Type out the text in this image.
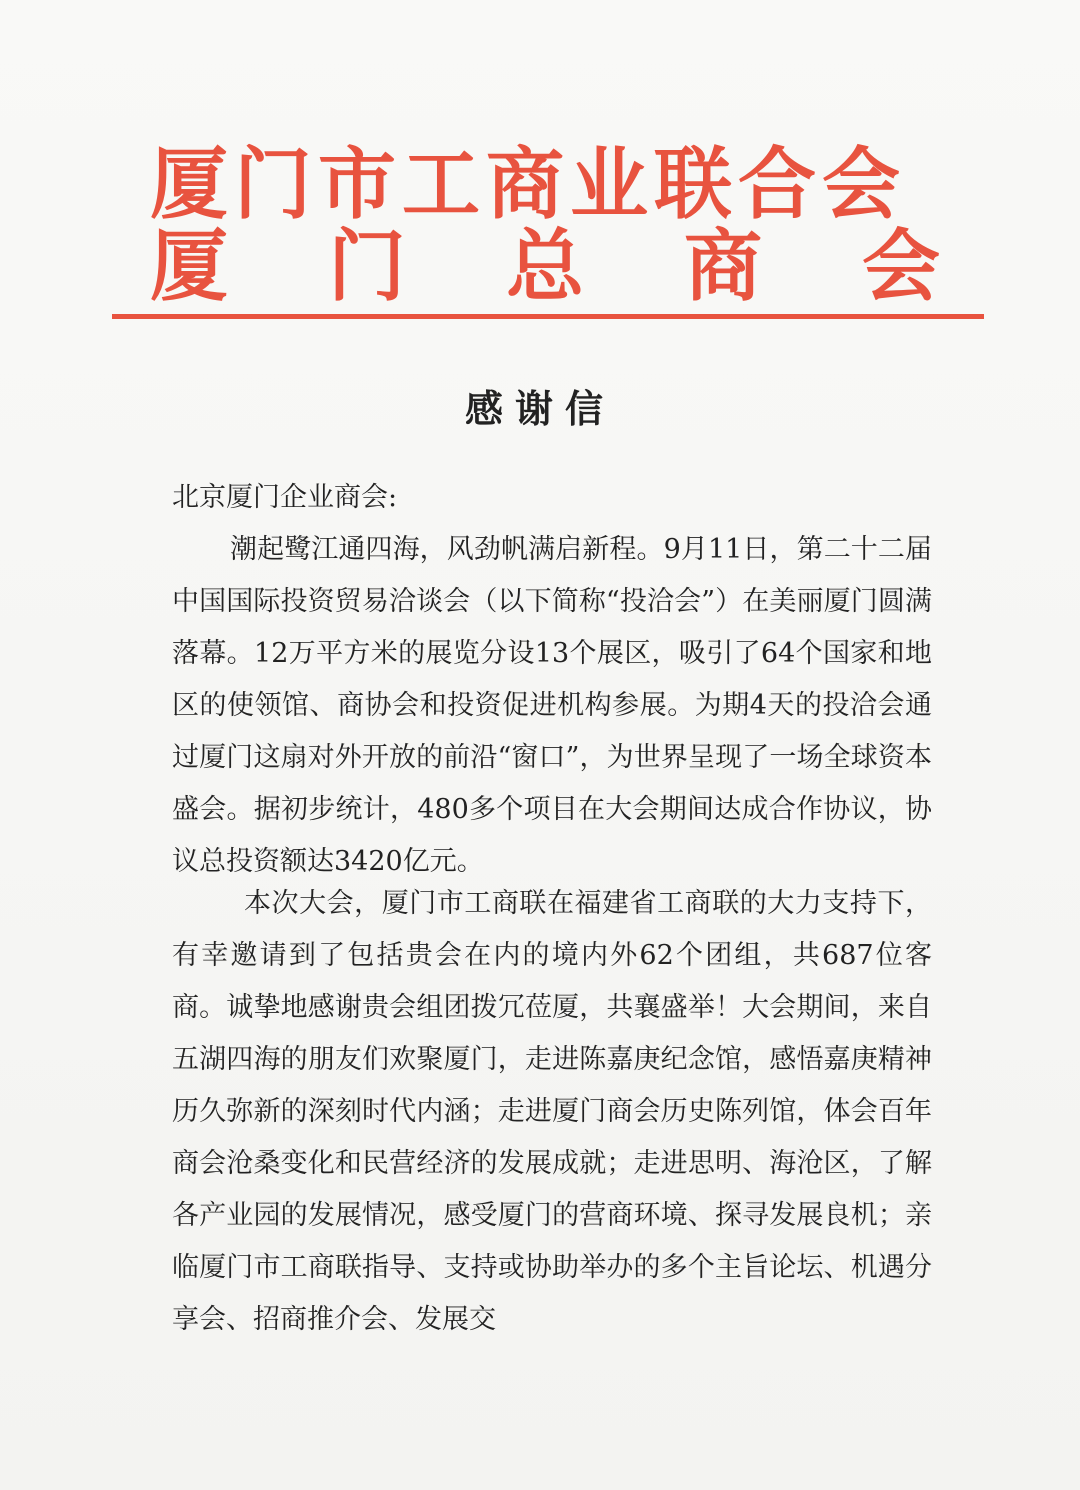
厦门市工商业联合会
厦 门 总 商 会
感谢信
北京厦门企业商会:
潮起鹭江通四海，风劲帆满启新程。9月11日，第二十二届中国国际投资贸易洽谈会（以下简称“投洽会”）在美丽厦门圆满落幕。12万平方米的展览分设13个展区，吸引了64个国家和地区的使领馆、商协会和投资促进机构参展。为期4天的投洽会通过厦门这扇对外开放的前沿“窗口”，为世界呈现了一场全球资本盛会。据初步统计，480多个项目在大会期间达成合作协议，协议总投资额达3420亿元。
本次大会，厦门市工商联在福建省工商联的大力支持下，有幸邀请到了包括贵会在内的境内外62个团组，共687位客商。诚挚地感谢贵会组团拨冗莅厦，共襄盛举！大会期间，来自五湖四海的朋友们欢聚厦门，走进陈嘉庚纪念馆，感悟嘉庚精神历久弥新的深刻时代内涵；走进厦门商会历史陈列馆，体会百年商会沧桑变化和民营经济的发展成就；走进思明、海沧区，了解各产业园的发展情况，感受厦门的营商环境、探寻发展良机；亲临厦门市工商联指导、支持或协助举办的多个主旨论坛、机遇分享会、招商推介会、发展交
